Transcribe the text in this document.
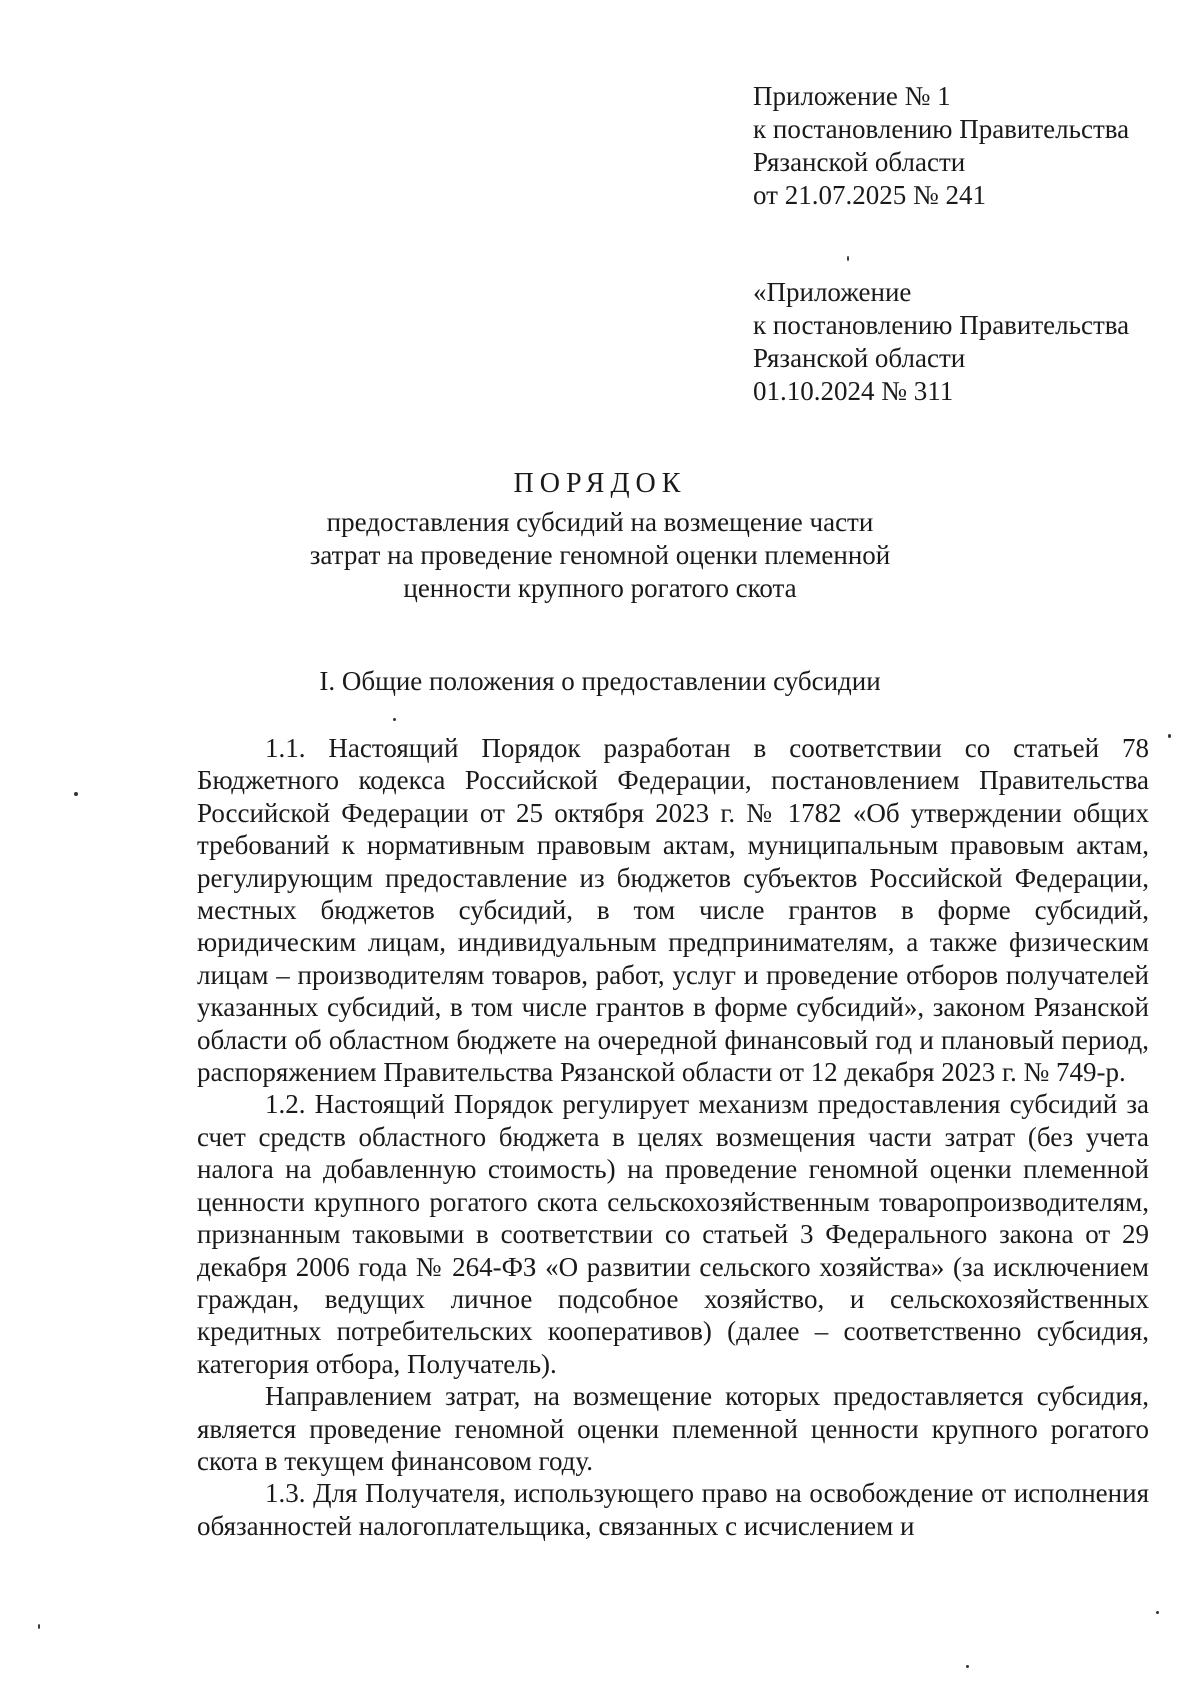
Приложение № 1
к постановлению Правительства
Рязанской области
от 21.07.2025 № 241
«Приложение
к постановлению Правительства
Рязанской области
01.10.2024 № 311
ПОРЯДОК
предоставления субсидий на возмещение части
затрат на проведение геномной оценки племенной
ценности крупного рогатого скота
I. Общие положения о предоставлении субсидии

1.1. Настоящий Порядок разработан в соответствии со статьей 78 Бюджетного кодекса Российской Федерации, постановлением Правительства Российской Федерации от 25 октября 2023 г. № 1782 «Об утверждении общих требований к нормативным правовым актам, муниципальным правовым актам, регулирующим предоставление из бюджетов субъектов Российской Федерации, местных бюджетов субсидий, в том числе грантов в форме субсидий, юридическим лицам, индивидуальным предпринимателям, а также физическим лицам – производителям товаров, работ, услуг и проведение отборов получателей указанных субсидий, в том числе грантов в форме субсидий», законом Рязанской области об областном бюджете на очередной финансовый год и плановый период, распоряжением Правительства Рязанской области от 12 декабря 2023 г. № 749-р.

1.2. Настоящий Порядок регулирует механизм предоставления субсидий за счет средств областного бюджета в целях возмещения части затрат (без учета налога на добавленную стоимость) на проведение геномной оценки племенной ценности крупного рогатого скота сельскохозяйственным товаропроизводителям, признанным таковыми в соответствии со статьей 3 Федерального закона от 29 декабря 2006 года № 264-ФЗ «О развитии сельского хозяйства» (за исключением граждан, ведущих личное подсобное хозяйство, и сельскохозяйственных кредитных потребительских кооперативов) (далее – соответственно субсидия, категория отбора, Получатель).

Направлением затрат, на возмещение которых предоставляется субсидия, является проведение геномной оценки племенной ценности крупного рогатого скота в текущем финансовом году.

1.3. Для Получателя, использующего право на освобождение от исполнения обязанностей налогоплательщика, связанных с исчислением и
